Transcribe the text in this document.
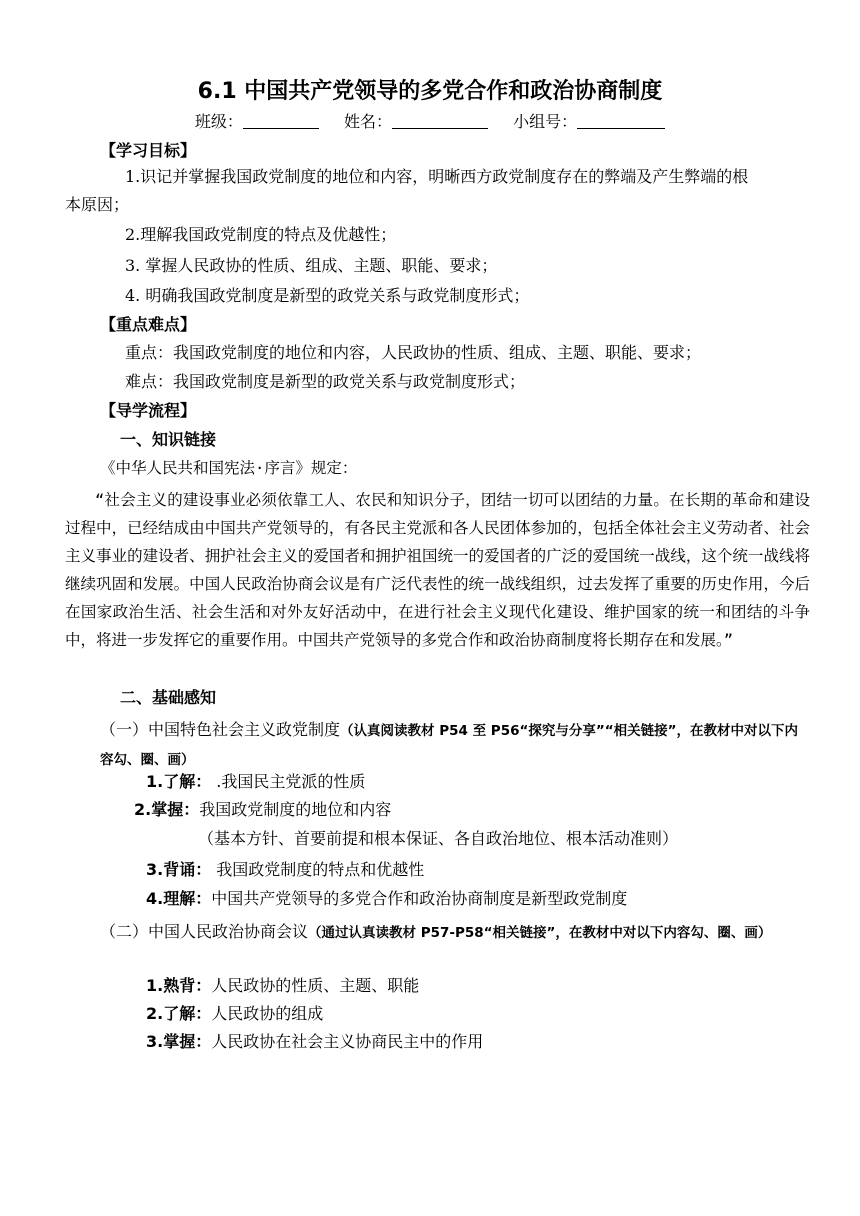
6.1 中国共产党领导的多党合作和政治协商制度
班级：	姓名：	小组号：
【学习目标】
1.识记并掌握我国政党制度的地位和内容，明晰西方政党制度存在的弊端及产生弊端的根
本原因；
2.理解我国政党制度的特点及优越性；
3. 掌握人民政协的性质、组成、主题、职能、要求；
4. 明确我国政党制度是新型的政党关系与政党制度形式；
【重点难点】
重点：我国政党制度的地位和内容，人民政协的性质、组成、主题、职能、要求；
难点：我国政党制度是新型的政党关系与政党制度形式；
【导学流程】
一、知识链接
《中华人民共和国宪法·序言》规定：
“社会主义的建设事业必须依靠工人、农民和知识分子，团结一切可以团结的力量。在长期的革命和建设过程中，已经结成由中国共产党领导的，有各民主党派和各人民团体参加的，包括全体社会主义劳动者、社会主义事业的建设者、拥护社会主义的爱国者和拥护祖国统一的爱国者的广泛的爱国统一战线，这个统一战线将继续巩固和发展。中国人民政治协商会议是有广泛代表性的统一战线组织，过去发挥了重要的历史作用，今后在国家政治生活、社会生活和对外友好活动中，在进行社会主义现代化建设、维护国家的统一和团结的斗争中，将进一步发挥它的重要作用。中国共产党领导的多党合作和政治协商制度将长期存在和发展。”
二、基础感知
（一）中国特色社会主义政党制度（认真阅读教材 P54 至 P56“探究与分享”“相关链接”，在教材中对以下内容勾、圈、画）
1.了解： .我国民主党派的性质
2.掌握：我国政党制度的地位和内容
（基本方针、首要前提和根本保证、各自政治地位、根本活动准则）
3.背诵： 我国政党制度的特点和优越性
4.理解：中国共产党领导的多党合作和政治协商制度是新型政党制度
（二）中国人民政治协商会议（通过认真读教材 P57-P58“相关链接”，在教材中对以下内容勾、圈、画）
1.熟背：人民政协的性质、主题、职能
2.了解：人民政协的组成
3.掌握：人民政协在社会主义协商民主中的作用
